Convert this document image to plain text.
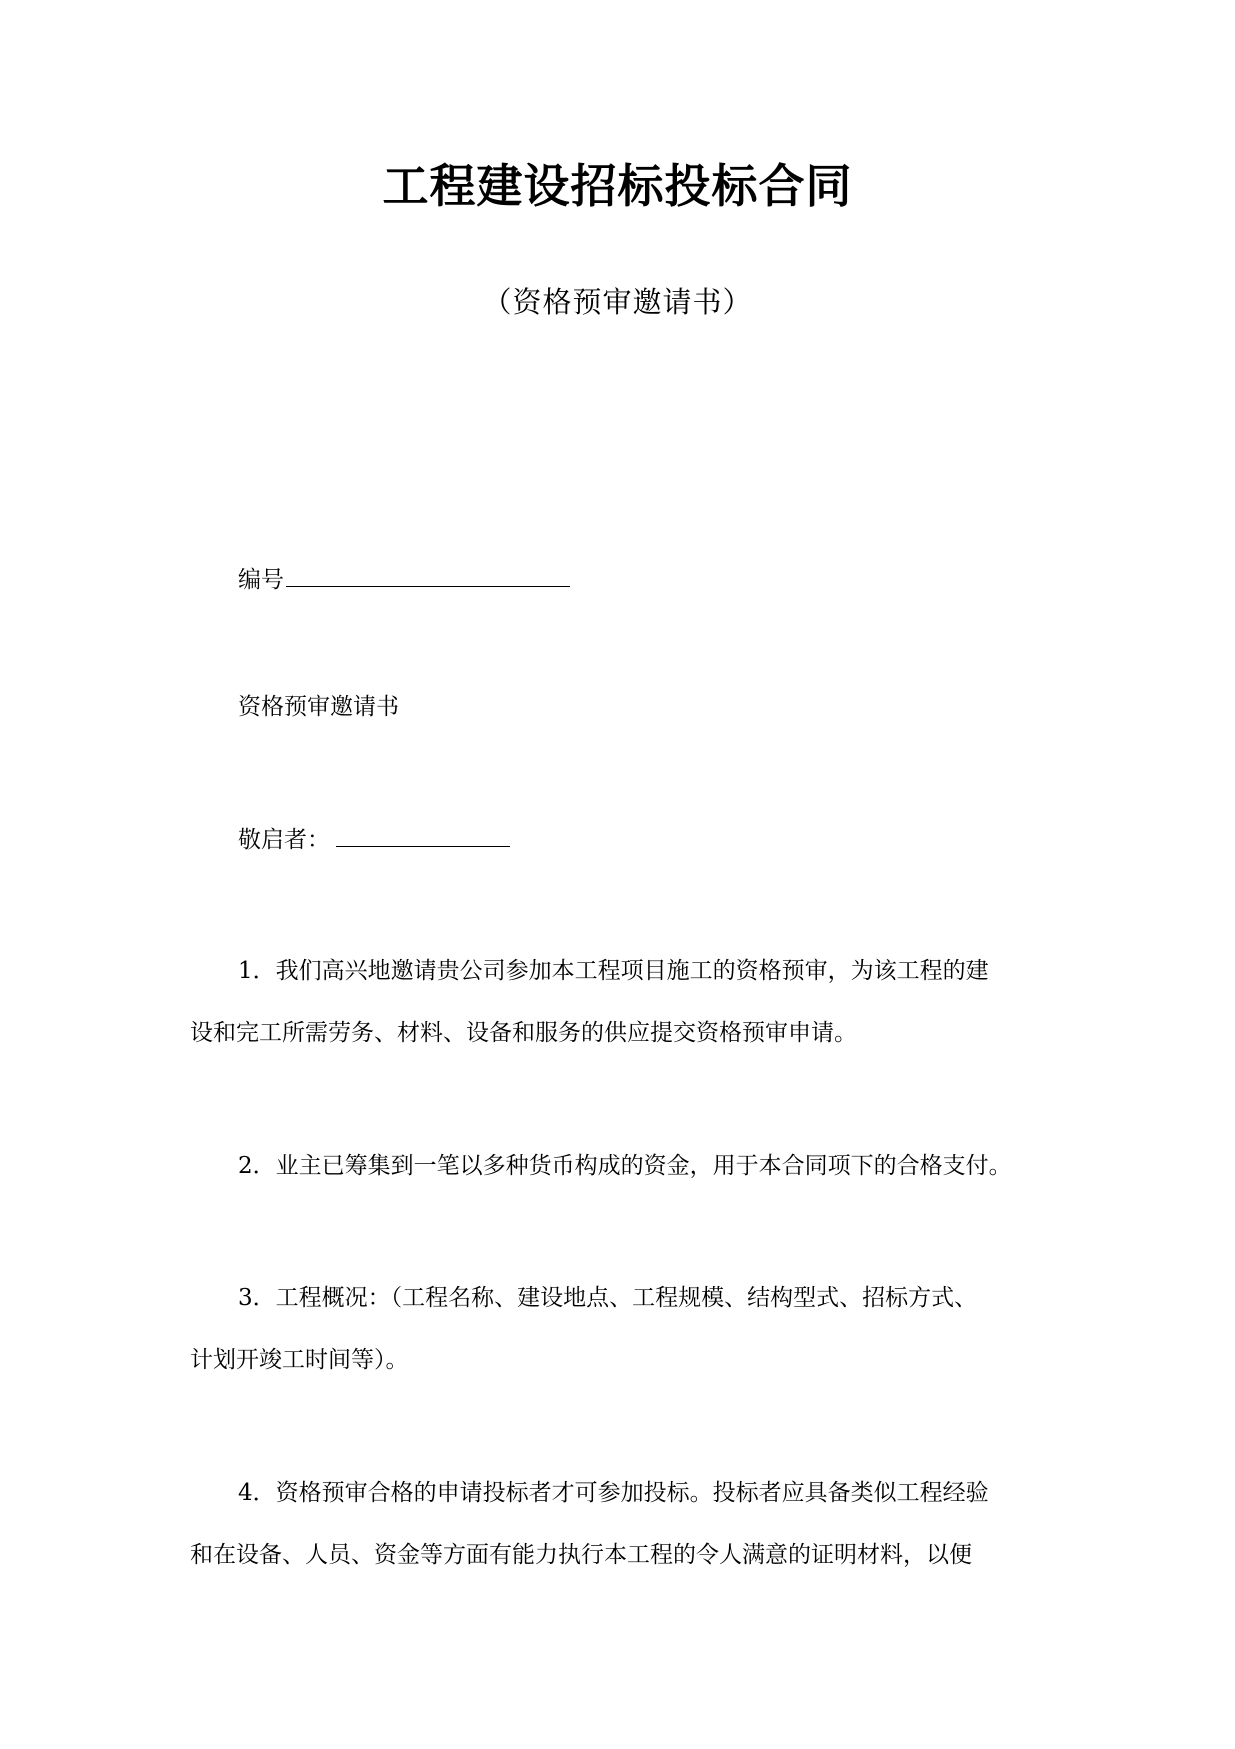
工程建设招标投标合同
（资格预审邀请书）
编号
资格预审邀请书
敬启者：
1．我们高兴地邀请贵公司参加本工程项目施工的资格预审，为该工程的建
设和完工所需劳务、材料、设备和服务的供应提交资格预审申请。
2．业主已筹集到一笔以多种货币构成的资金，用于本合同项下的合格支付。
3．工程概况：（工程名称、建设地点、工程规模、结构型式、招标方式、
计划开竣工时间等）。
4．资格预审合格的申请投标者才可参加投标。投标者应具备类似工程经验
和在设备、人员、资金等方面有能力执行本工程的令人满意的证明材料，以便
